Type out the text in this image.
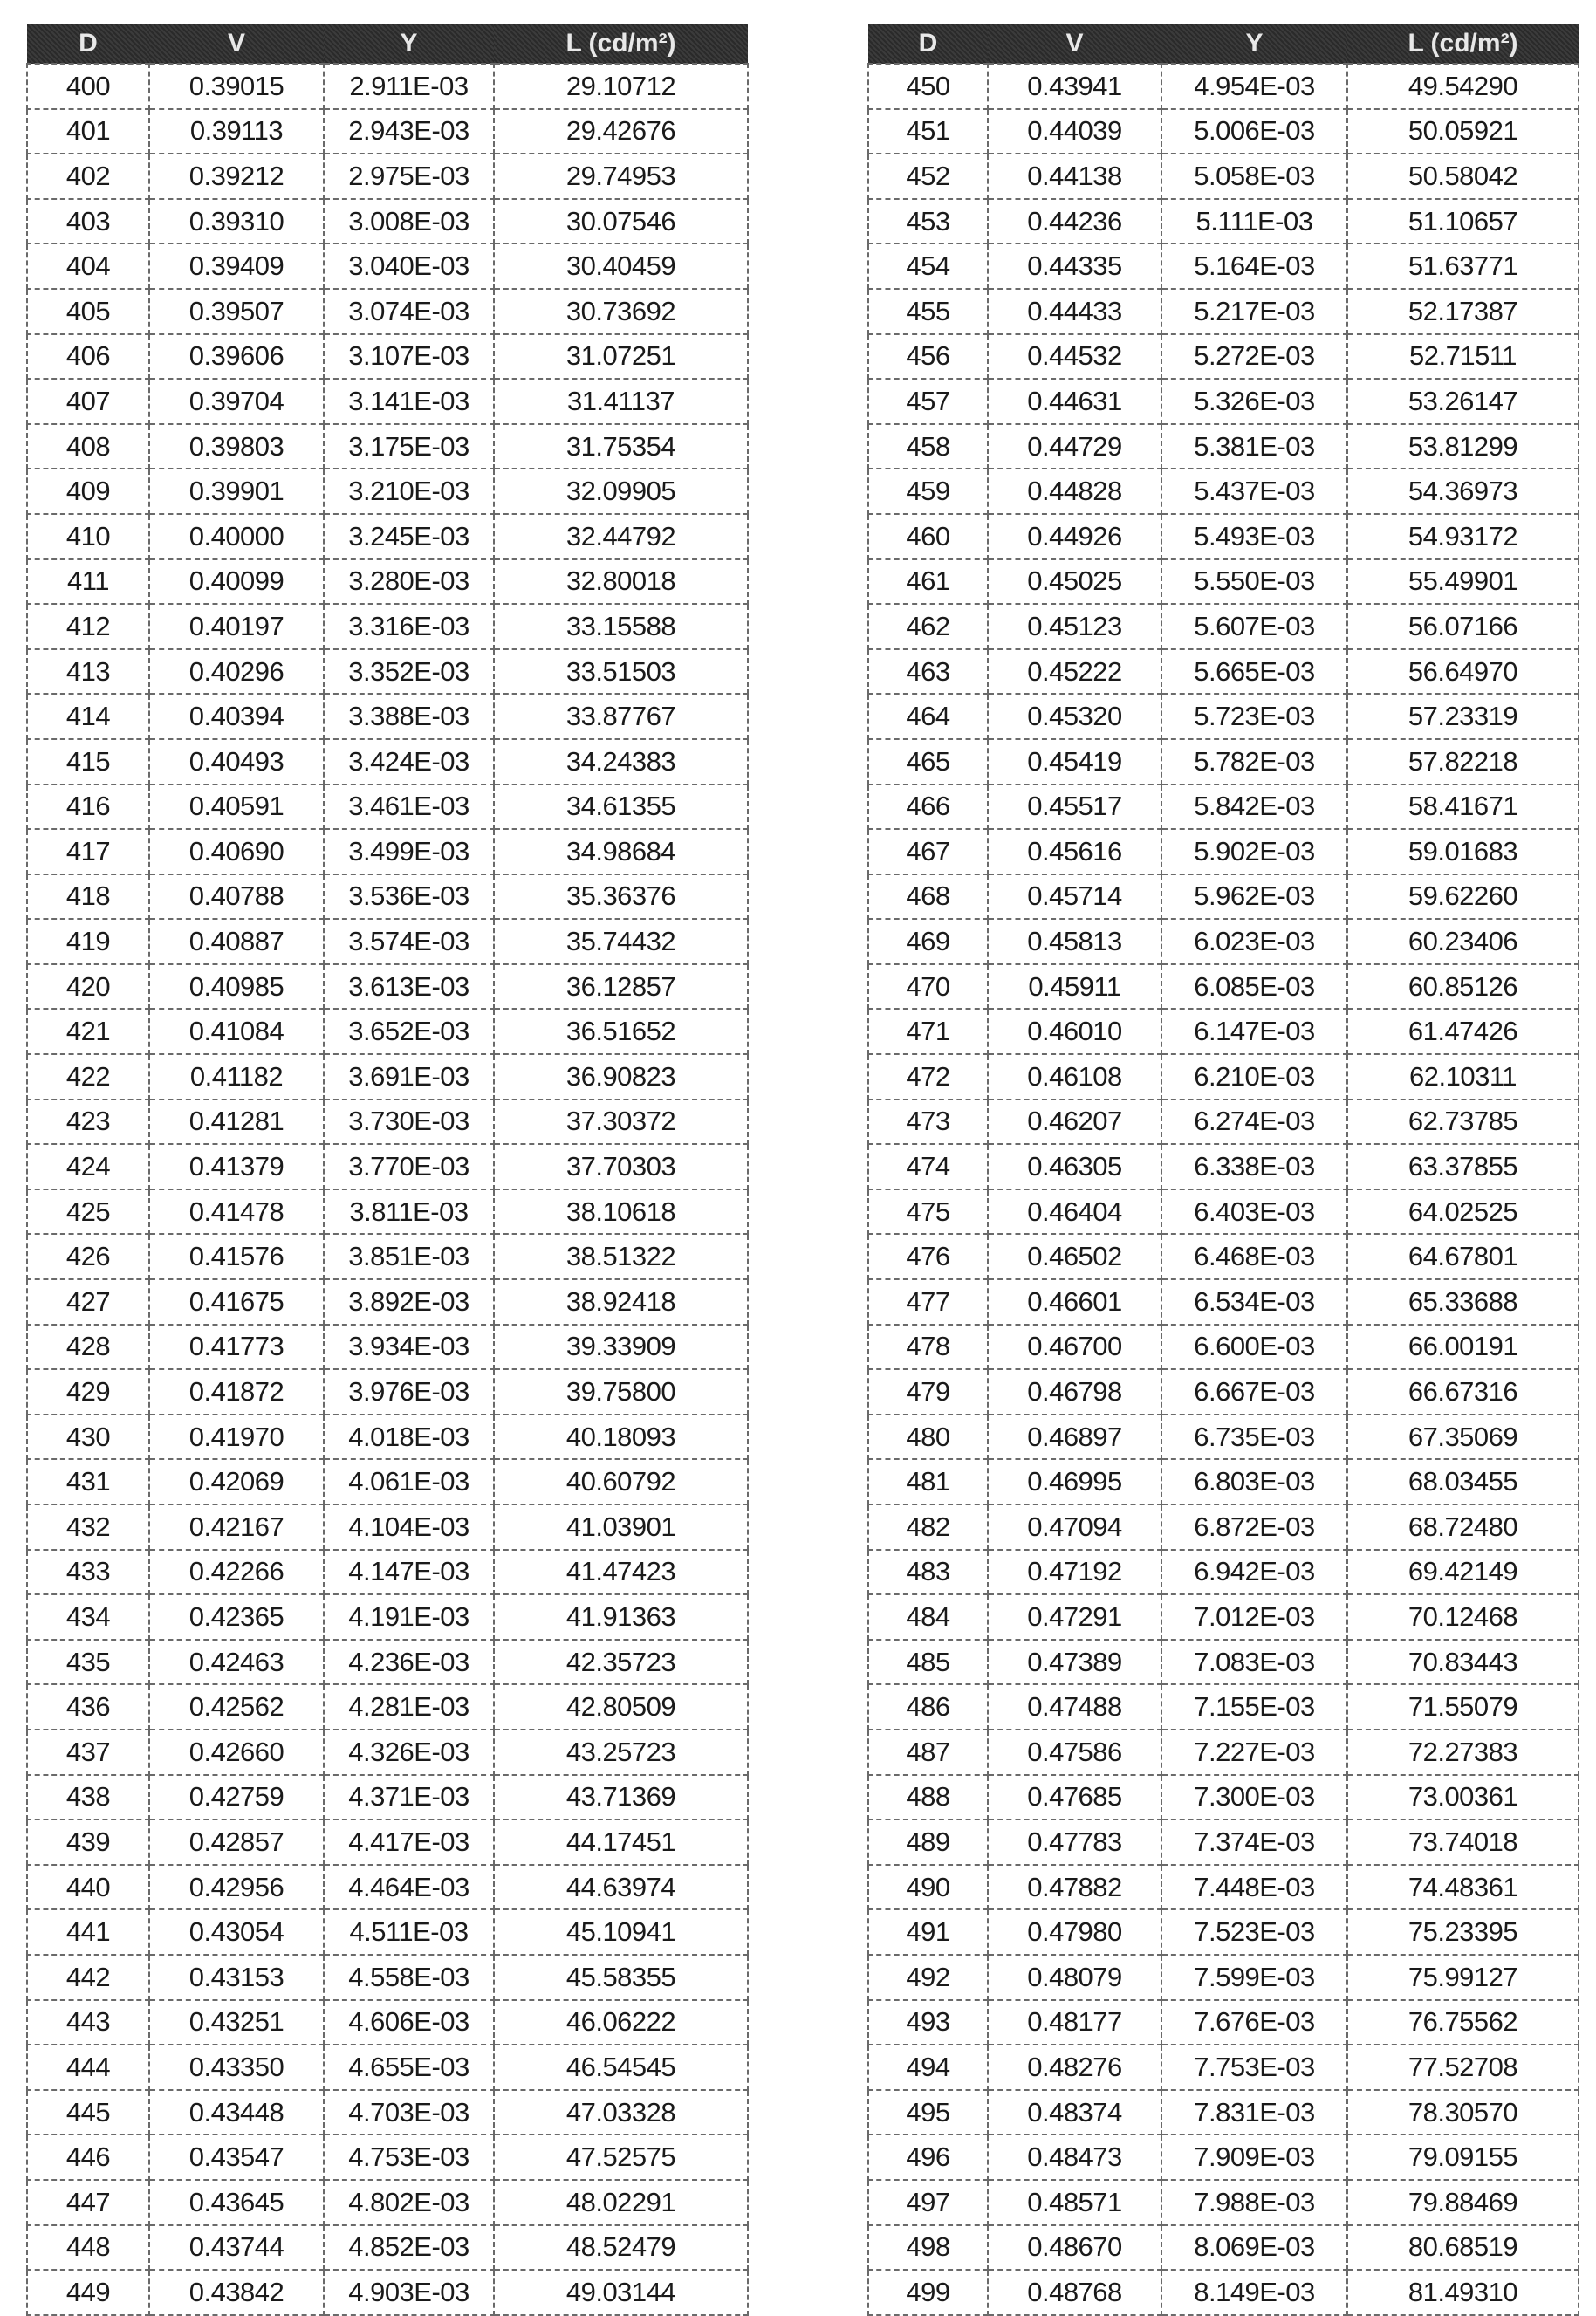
D	V	Y	L (cd/m²)
400	0.39015	2.911E-03	29.10712
401	0.39113	2.943E-03	29.42676
402	0.39212	2.975E-03	29.74953
403	0.39310	3.008E-03	30.07546
404	0.39409	3.040E-03	30.40459
405	0.39507	3.074E-03	30.73692
406	0.39606	3.107E-03	31.07251
407	0.39704	3.141E-03	31.41137
408	0.39803	3.175E-03	31.75354
409	0.39901	3.210E-03	32.09905
410	0.40000	3.245E-03	32.44792
411	0.40099	3.280E-03	32.80018
412	0.40197	3.316E-03	33.15588
413	0.40296	3.352E-03	33.51503
414	0.40394	3.388E-03	33.87767
415	0.40493	3.424E-03	34.24383
416	0.40591	3.461E-03	34.61355
417	0.40690	3.499E-03	34.98684
418	0.40788	3.536E-03	35.36376
419	0.40887	3.574E-03	35.74432
420	0.40985	3.613E-03	36.12857
421	0.41084	3.652E-03	36.51652
422	0.41182	3.691E-03	36.90823
423	0.41281	3.730E-03	37.30372
424	0.41379	3.770E-03	37.70303
425	0.41478	3.811E-03	38.10618
426	0.41576	3.851E-03	38.51322
427	0.41675	3.892E-03	38.92418
428	0.41773	3.934E-03	39.33909
429	0.41872	3.976E-03	39.75800
430	0.41970	4.018E-03	40.18093
431	0.42069	4.061E-03	40.60792
432	0.42167	4.104E-03	41.03901
433	0.42266	4.147E-03	41.47423
434	0.42365	4.191E-03	41.91363
435	0.42463	4.236E-03	42.35723
436	0.42562	4.281E-03	42.80509
437	0.42660	4.326E-03	43.25723
438	0.42759	4.371E-03	43.71369
439	0.42857	4.417E-03	44.17451
440	0.42956	4.464E-03	44.63974
441	0.43054	4.511E-03	45.10941
442	0.43153	4.558E-03	45.58355
443	0.43251	4.606E-03	46.06222
444	0.43350	4.655E-03	46.54545
445	0.43448	4.703E-03	47.03328
446	0.43547	4.753E-03	47.52575
447	0.43645	4.802E-03	48.02291
448	0.43744	4.852E-03	48.52479
449	0.43842	4.903E-03	49.03144
D	V	Y	L (cd/m²)
450	0.43941	4.954E-03	49.54290
451	0.44039	5.006E-03	50.05921
452	0.44138	5.058E-03	50.58042
453	0.44236	5.111E-03	51.10657
454	0.44335	5.164E-03	51.63771
455	0.44433	5.217E-03	52.17387
456	0.44532	5.272E-03	52.71511
457	0.44631	5.326E-03	53.26147
458	0.44729	5.381E-03	53.81299
459	0.44828	5.437E-03	54.36973
460	0.44926	5.493E-03	54.93172
461	0.45025	5.550E-03	55.49901
462	0.45123	5.607E-03	56.07166
463	0.45222	5.665E-03	56.64970
464	0.45320	5.723E-03	57.23319
465	0.45419	5.782E-03	57.82218
466	0.45517	5.842E-03	58.41671
467	0.45616	5.902E-03	59.01683
468	0.45714	5.962E-03	59.62260
469	0.45813	6.023E-03	60.23406
470	0.45911	6.085E-03	60.85126
471	0.46010	6.147E-03	61.47426
472	0.46108	6.210E-03	62.10311
473	0.46207	6.274E-03	62.73785
474	0.46305	6.338E-03	63.37855
475	0.46404	6.403E-03	64.02525
476	0.46502	6.468E-03	64.67801
477	0.46601	6.534E-03	65.33688
478	0.46700	6.600E-03	66.00191
479	0.46798	6.667E-03	66.67316
480	0.46897	6.735E-03	67.35069
481	0.46995	6.803E-03	68.03455
482	0.47094	6.872E-03	68.72480
483	0.47192	6.942E-03	69.42149
484	0.47291	7.012E-03	70.12468
485	0.47389	7.083E-03	70.83443
486	0.47488	7.155E-03	71.55079
487	0.47586	7.227E-03	72.27383
488	0.47685	7.300E-03	73.00361
489	0.47783	7.374E-03	73.74018
490	0.47882	7.448E-03	74.48361
491	0.47980	7.523E-03	75.23395
492	0.48079	7.599E-03	75.99127
493	0.48177	7.676E-03	76.75562
494	0.48276	7.753E-03	77.52708
495	0.48374	7.831E-03	78.30570
496	0.48473	7.909E-03	79.09155
497	0.48571	7.988E-03	79.88469
498	0.48670	8.069E-03	80.68519
499	0.48768	8.149E-03	81.49310
